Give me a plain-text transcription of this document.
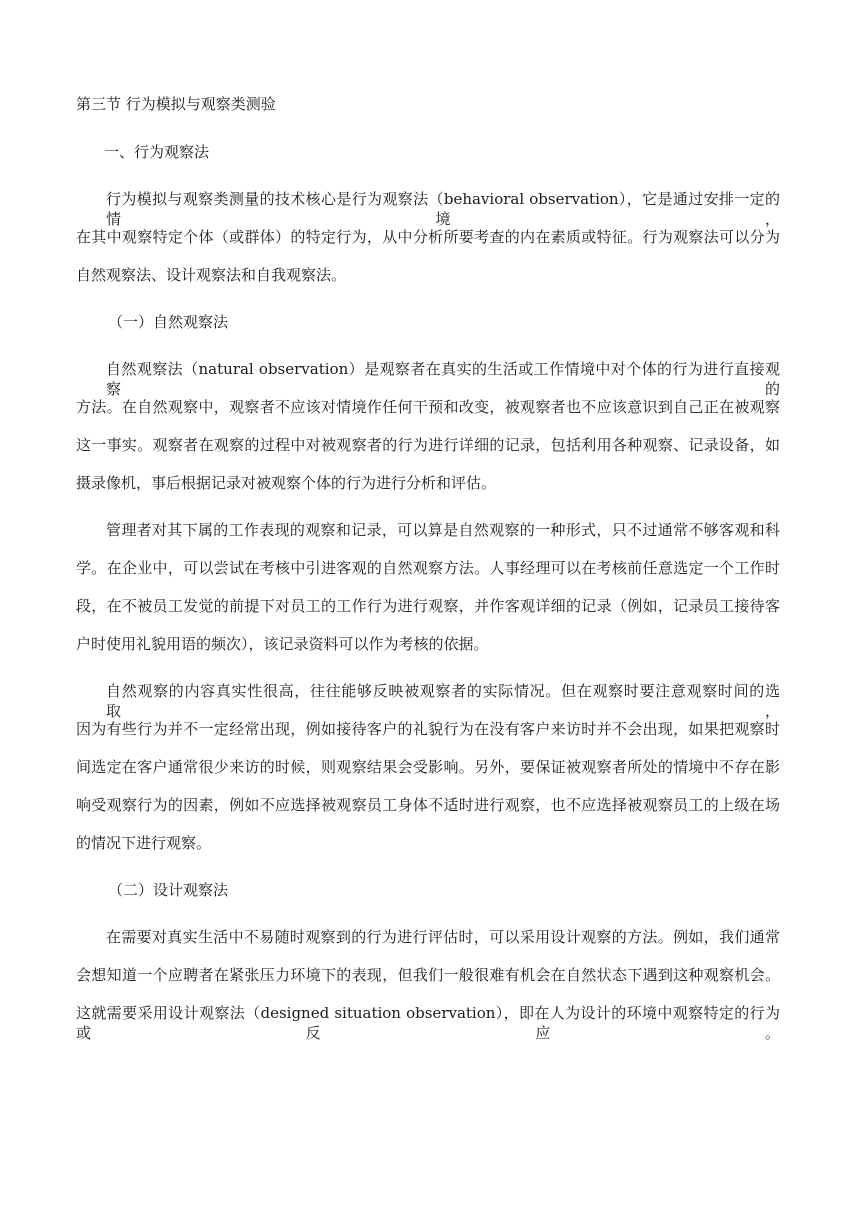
第三节 行为模拟与观察类测验
一、行为观察法
行为模拟与观察类测量的技术核心是行为观察法（behavioral observation），它是通过安排一定的情境，
在其中观察特定个体（或群体）的特定行为，从中分析所要考查的内在素质或特征。行为观察法可以分为
自然观察法、设计观察法和自我观察法。
（一）自然观察法
自然观察法（natural observation）是观察者在真实的生活或工作情境中对个体的行为进行直接观察的
方法。在自然观察中，观察者不应该对情境作任何干预和改变，被观察者也不应该意识到自己正在被观察
这一事实。观察者在观察的过程中对被观察者的行为进行详细的记录，包括利用各种观察、记录设备，如
摄录像机，事后根据记录对被观察个体的行为进行分析和评估。
管理者对其下属的工作表现的观察和记录，可以算是自然观察的一种形式，只不过通常不够客观和科
学。在企业中，可以尝试在考核中引进客观的自然观察方法。人事经理可以在考核前任意选定一个工作时
段，在不被员工发觉的前提下对员工的工作行为进行观察，并作客观详细的记录（例如，记录员工接待客
户时使用礼貌用语的频次），该记录资料可以作为考核的依据。
自然观察的内容真实性很高，往往能够反映被观察者的实际情况。但在观察时要注意观察时间的选取，
因为有些行为并不一定经常出现，例如接待客户的礼貌行为在没有客户来访时并不会出现，如果把观察时
间选定在客户通常很少来访的时候，则观察结果会受影响。另外，要保证被观察者所处的情境中不存在影
响受观察行为的因素，例如不应选择被观察员工身体不适时进行观察，也不应选择被观察员工的上级在场
的情况下进行观察。
（二）设计观察法
在需要对真实生活中不易随时观察到的行为进行评估时，可以采用设计观察的方法。例如，我们通常
会想知道一个应聘者在紧张压力环境下的表现，但我们一般很难有机会在自然状态下遇到这种观察机会。
这就需要采用设计观察法（designed situation observation），即在人为设计的环境中观察特定的行为或反应。
